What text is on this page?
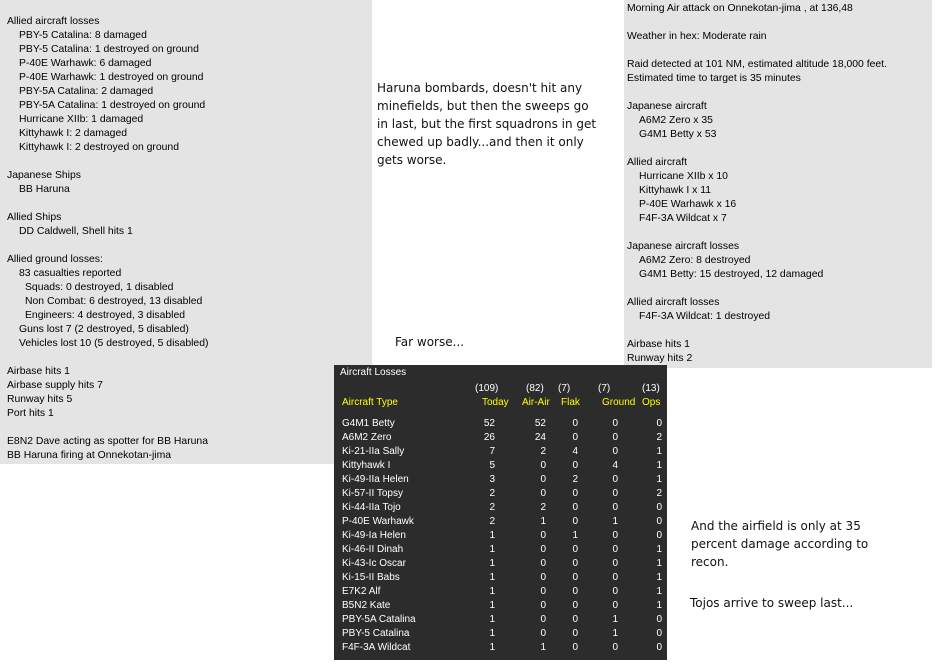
Allied aircraft losses
PBY-5 Catalina: 8 damaged
PBY-5 Catalina: 1 destroyed on ground
P-40E Warhawk: 6 damaged
P-40E Warhawk: 1 destroyed on ground
PBY-5A Catalina: 2 damaged
PBY-5A Catalina: 1 destroyed on ground
Hurricane XIIb: 1 damaged
Kittyhawk I: 2 damaged
Kittyhawk I: 2 destroyed on ground
Japanese Ships
BB Haruna
Allied Ships
DD Caldwell, Shell hits 1
Allied ground losses:
83 casualties reported
Squads: 0 destroyed, 1 disabled
Non Combat: 6 destroyed, 13 disabled
Engineers: 4 destroyed, 3 disabled
Guns lost 7 (2 destroyed, 5 disabled)
Vehicles lost 10 (5 destroyed, 5 disabled)
Airbase hits 1
Airbase supply hits 7
Runway hits 5
Port hits 1
E8N2 Dave acting as spotter for BB Haruna
BB Haruna firing at Onnekotan-jima
Morning Air attack on Onnekotan-jima , at 136,48
Weather in hex: Moderate rain
Raid detected at 101 NM, estimated altitude 18,000 feet.
Estimated time to target is 35 minutes
Japanese aircraft
A6M2 Zero x 35
G4M1 Betty x 53
Allied aircraft
Hurricane XIIb x 10
Kittyhawk I x 11
P-40E Warhawk x 16
F4F-3A Wildcat x 7
Japanese aircraft losses
A6M2 Zero: 8 destroyed
G4M1 Betty: 15 destroyed, 12 damaged
Allied aircraft losses
F4F-3A Wildcat: 1 destroyed
Airbase hits 1
Runway hits 2
Haruna bombards, doesn't hit any minefields, but then the sweeps go in last, but the first squadrons in get chewed up badly...and then it only gets worse.
Far worse...
And the airfield is only at 35 percent damage according to recon.
Tojos arrive to sweep last...
Aircraft Losses
(109)	(82) (7)	(7)	(13)
Aircraft Type	Today Air-Air Flak Ground Ops
G4M1 Betty	52	52	0	0	0
A6M2 Zero	26	24	0	0	2
Ki-21-IIa Sally	7	2	4	0	1
Kittyhawk I	5	0	0	4	1
Ki-49-IIa Helen	3	0	2	0	1
Ki-57-II Topsy	2	0	0	0	2
Ki-44-IIa Tojo	2	2	0	0	0
P-40E Warhawk	2	1	0	1	0
Ki-49-Ia Helen	1	0	1	0	0
Ki-46-II Dinah	1	0	0	0	1
Ki-43-Ic Oscar	1	0	0	0	1
Ki-15-II Babs	1	0	0	0	1
E7K2 Alf	1	0	0	0	1
B5N2 Kate	1	0	0	0	1
PBY-5A Catalina	1	0	0	1	0
PBY-5 Catalina	1	0	0	1	0
F4F-3A Wildcat	1	1	0	0	0
